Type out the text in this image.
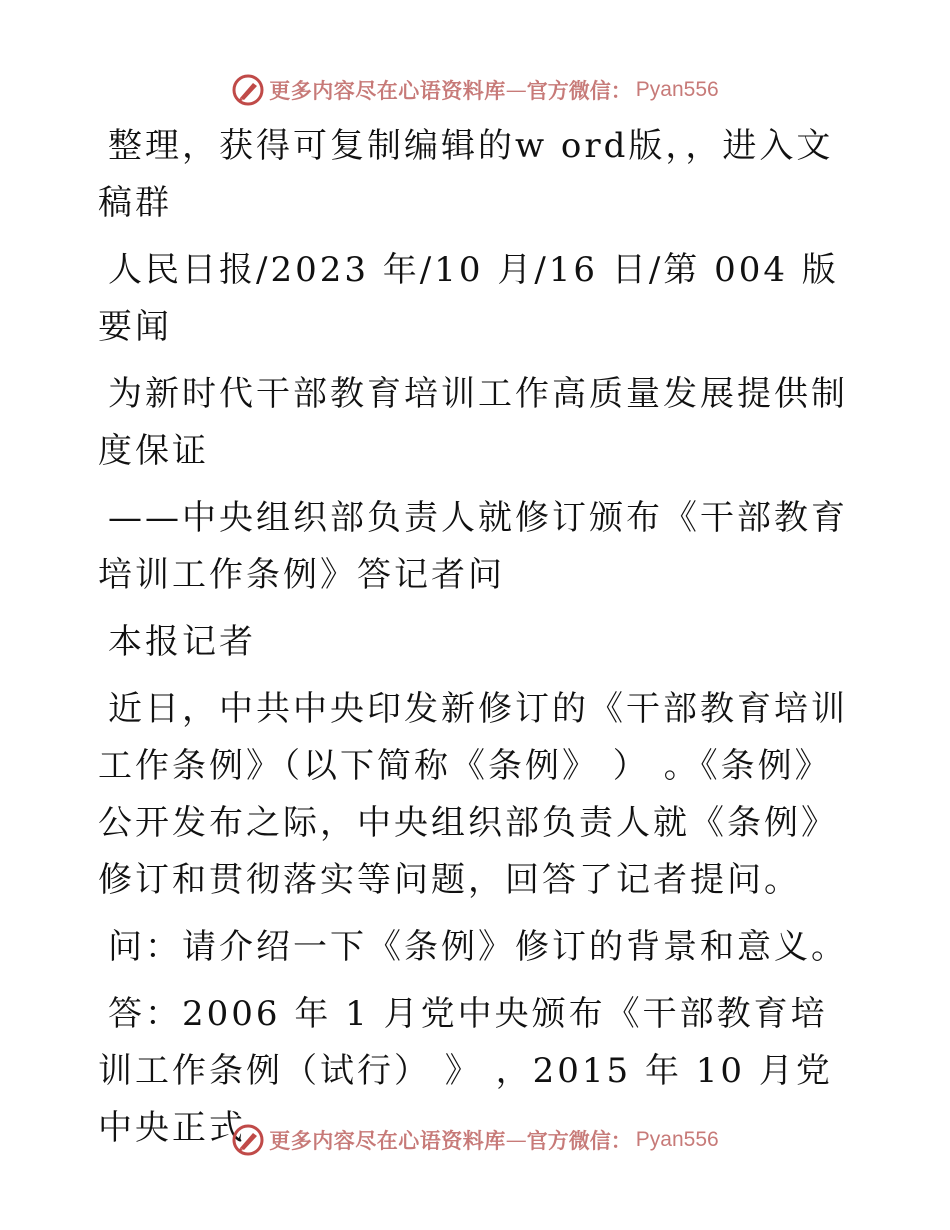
更多内容尽在心语资料库 — 官方微信： Pyan556

整理，获得可复制编辑的w ord版，，进入文稿群

人民日报/2023 年/10 月/16 日/第 004 版要闻

为新时代干部教育培训工作高质量发展提供制度保证

——中央组织部负责人就修订颁布《干部教育培训工作条例》答记者问

本报记者

近日，中共中央印发新修订的《干部教育培训工作条例》（以下简称《条例》 ） 。《条例》公开发布之际，中央组织部负责人就《条例》修订和贯彻落实等问题，回答了记者提问。

问：请介绍一下《条例》修订的背景和意义。

答：2006 年 1 月党中央颁布《干部教育培训工作条例（试行） 》 ，2015 年 10 月党中央正式	更多内容尽在心语资料库 — 官方微信： Pyan556
